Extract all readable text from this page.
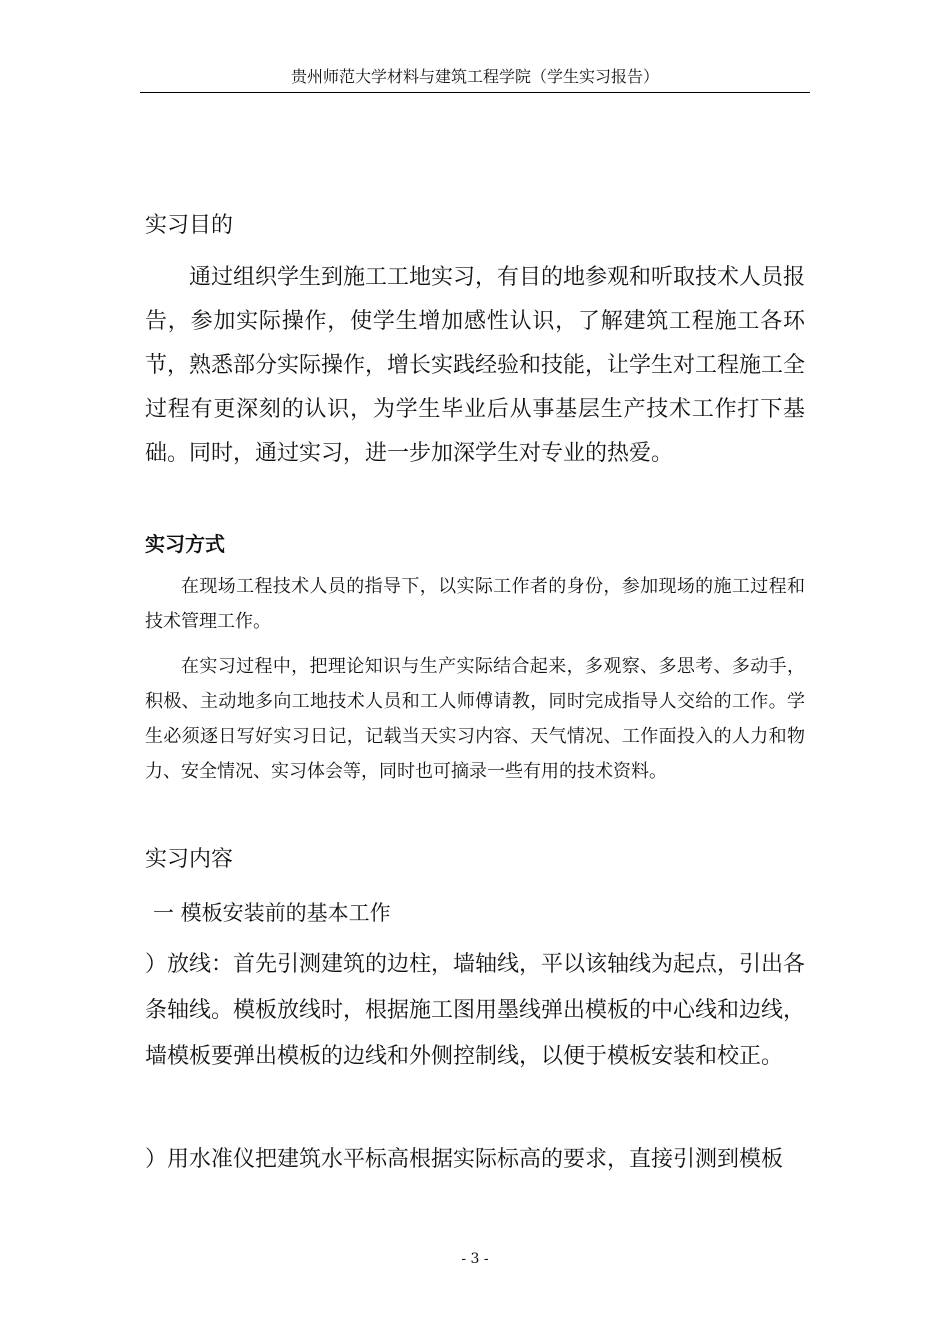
贵州师范大学材料与建筑工程学院（学生实习报告）
实习目的
通过组织学生到施工工地实习，有目的地参观和听取技术人员报告，参加实际操作，使学生增加感性认识，了解建筑工程施工各环节，熟悉部分实际操作，增长实践经验和技能，让学生对工程施工全过程有更深刻的认识，为学生毕业后从事基层生产技术工作打下基础。同时，通过实习，进一步加深学生对专业的热爱。
实习方式
在现场工程技术人员的指导下，以实际工作者的身份，参加现场的施工过程和技术管理工作。
在实习过程中，把理论知识与生产实际结合起来，多观察、多思考、多动手，积极、主动地多向工地技术人员和工人师傅请教，同时完成指导人交给的工作。学生必须逐日写好实习日记，记载当天实习内容、天气情况、工作面投入的人力和物力、安全情况、实习体会等，同时也可摘录一些有用的技术资料。
实习内容
一 模板安装前的基本工作
）放线：首先引测建筑的边柱，墙轴线，平以该轴线为起点，引出各条轴线。模板放线时，根据施工图用墨线弹出模板的中心线和边线，墙模板要弹出模板的边线和外侧控制线，以便于模板安装和校正。
）用水准仪把建筑水平标高根据实际标高的要求，直接引测到模板
- 3 -
